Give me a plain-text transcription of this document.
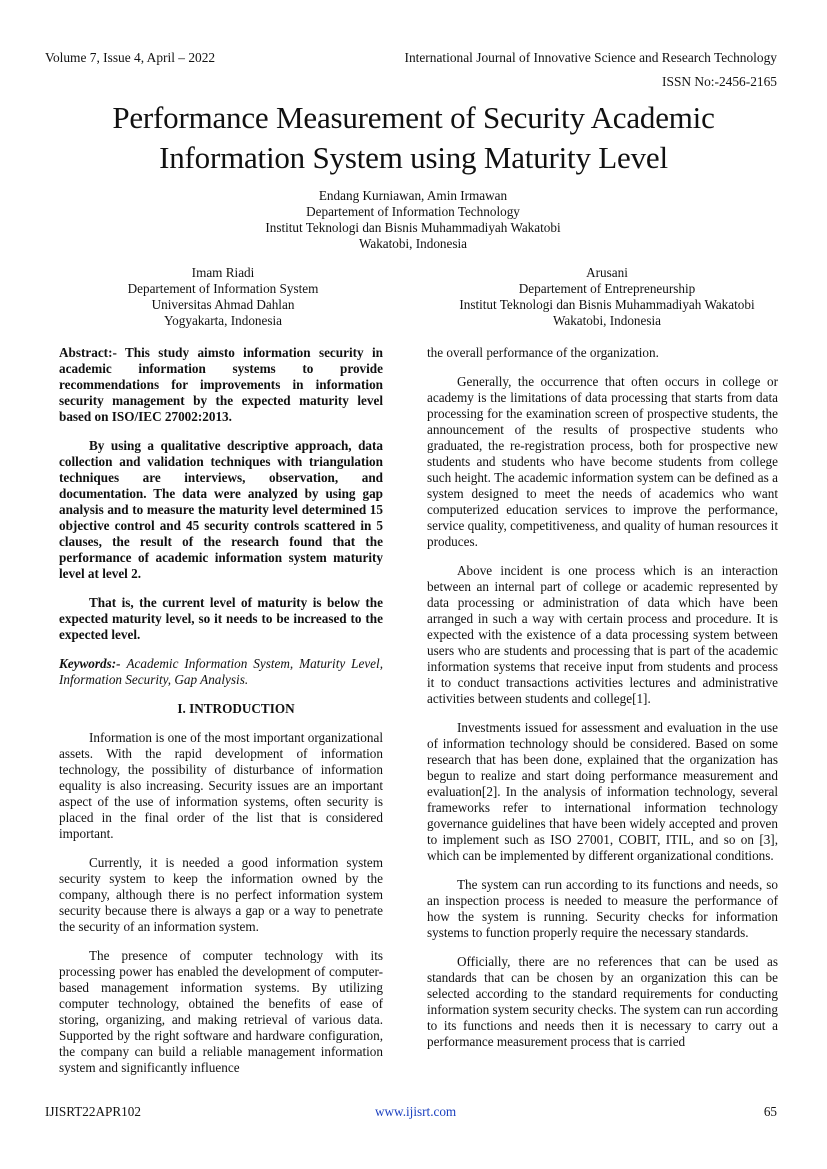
Volume 7, Issue 4, April – 2022	International Journal of Innovative Science and Research Technology
ISSN No:-2456-2165
Performance Measurement of Security Academic Information System using Maturity Level
Endang Kurniawan, Amin Irmawan
Departement of Information Technology
Institut Teknologi dan Bisnis Muhammadiyah Wakatobi
Wakatobi, Indonesia
Imam Riadi
Departement of Information System
Universitas Ahmad Dahlan
Yogyakarta, Indonesia
Arusani
Departement of Entrepreneurship
Institut Teknologi dan Bisnis Muhammadiyah Wakatobi
Wakatobi, Indonesia

Abstract:- This study aimsto information security in academic information systems to provide recommendations for improvements in information security management by the expected maturity level based on ISO/IEC 27002:2013.

By using a qualitative descriptive approach, data collection and validation techniques with triangulation techniques are interviews, observation, and documentation. The data were analyzed by using gap analysis and to measure the maturity level determined 15 objective control and 45 security controls scattered in 5 clauses, the result of the research found that the performance of academic information system maturity level at level 2.

That is, the current level of maturity is below the expected maturity level, so it needs to be increased to the expected level.

Keywords:- Academic Information System, Maturity Level, Information Security, Gap Analysis.

I. INTRODUCTION

Information is one of the most important organizational assets. With the rapid development of information technology, the possibility of disturbance of information equality is also increasing. Security issues are an important aspect of the use of information systems, often security is placed in the final order of the list that is considered important.

Currently, it is needed a good information system security system to keep the information owned by the company, although there is no perfect information system security because there is always a gap or a way to penetrate the security of an information system.

The presence of computer technology with its processing power has enabled the development of computer-based management information systems. By utilizing computer technology, obtained the benefits of ease of storing, organizing, and making retrieval of various data. Supported by the right software and hardware configuration, the company can build a reliable management information system and significantly influence

the overall performance of the organization.

Generally, the occurrence that often occurs in college or academy is the limitations of data processing that starts from data processing for the examination screen of prospective students, the announcement of the results of prospective students who graduated, the re-registration process, both for prospective new students and students who have become students from college such height. The academic information system can be defined as a system designed to meet the needs of academics who want computerized education services to improve the performance, service quality, competitiveness, and quality of human resources it produces.

Above incident is one process which is an interaction between an internal part of college or academic represented by data processing or administration of data which have been arranged in such a way with certain process and procedure. It is expected with the existence of a data processing system between users who are students and processing that is part of the academic information systems that receive input from students and process it to conduct transactions activities lectures and administrative activities between students and college[1].

Investments issued for assessment and evaluation in the use of information technology should be considered. Based on some research that has been done, explained that the organization has begun to realize and start doing performance measurement and evaluation[2]. In the analysis of information technology, several frameworks refer to international information technology governance guidelines that have been widely accepted and proven to implement such as ISO 27001, COBIT, ITIL, and so on [3], which can be implemented by different organizational conditions.

The system can run according to its functions and needs, so an inspection process is needed to measure the performance of how the system is running. Security checks for information systems to function properly require the necessary standards.

Officially, there are no references that can be used as standards that can be chosen by an organization this can be selected according to the standard requirements for conducting information system security checks. The system can run according to its functions and needs then it is necessary to carry out a performance measurement process that is carried

IJISRT22APR102	www.ijisrt.com	65
